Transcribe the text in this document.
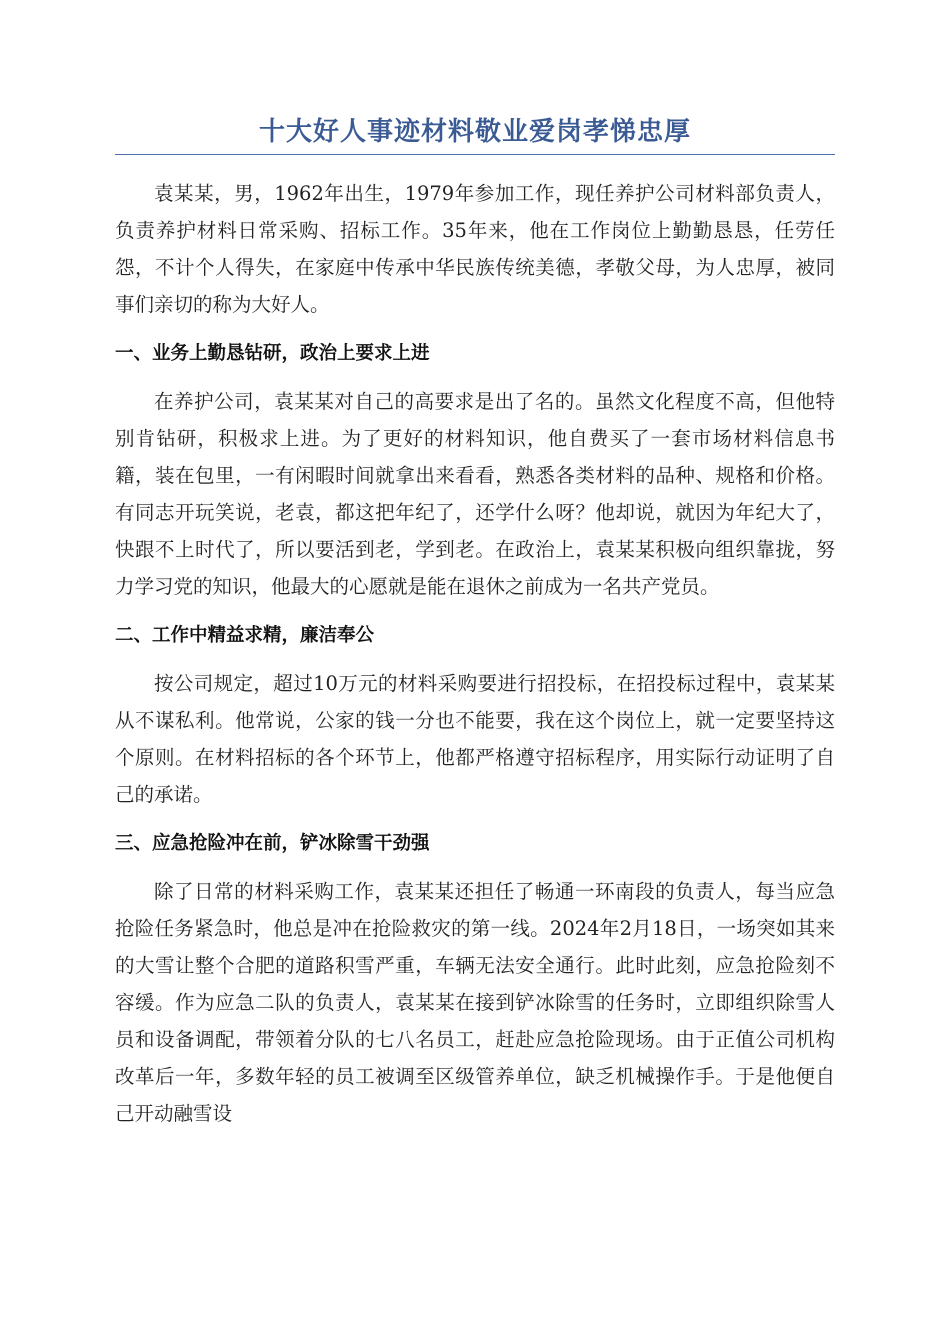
十大好人事迹材料敬业爱岗孝悌忠厚

袁某某，男，1962年出生，1979年参加工作，现任养护公司材料部负责人，负责养护材料日常采购、招标工作。35年来，他在工作岗位上勤勤恳恳，任劳任怨，不计个人得失，在家庭中传承中华民族传统美德，孝敬父母，为人忠厚，被同事们亲切的称为大好人。

一、业务上勤恳钻研，政治上要求上进

在养护公司，袁某某对自己的高要求是出了名的。虽然文化程度不高，但他特别肯钻研，积极求上进。为了更好的材料知识，他自费买了一套市场材料信息书籍，装在包里，一有闲暇时间就拿出来看看，熟悉各类材料的品种、规格和价格。有同志开玩笑说，老袁，都这把年纪了，还学什么呀？他却说，就因为年纪大了，快跟不上时代了，所以要活到老，学到老。在政治上，袁某某积极向组织靠拢，努力学习党的知识，他最大的心愿就是能在退休之前成为一名共产党员。

二、工作中精益求精，廉洁奉公

按公司规定，超过10万元的材料采购要进行招投标，在招投标过程中，袁某某从不谋私利。他常说，公家的钱一分也不能要，我在这个岗位上，就一定要坚持这个原则。在材料招标的各个环节上，他都严格遵守招标程序，用实际行动证明了自己的承诺。

三、应急抢险冲在前，铲冰除雪干劲强

除了日常的材料采购工作，袁某某还担任了畅通一环南段的负责人，每当应急抢险任务紧急时，他总是冲在抢险救灾的第一线。2024年2月18日，一场突如其来的大雪让整个合肥的道路积雪严重，车辆无法安全通行。此时此刻，应急抢险刻不容缓。作为应急二队的负责人，袁某某在接到铲冰除雪的任务时，立即组织除雪人员和设备调配，带领着分队的七八名员工，赶赴应急抢险现场。由于正值公司机构改革后一年，多数年轻的员工被调至区级管养单位，缺乏机械操作手。于是他便自己开动融雪设
